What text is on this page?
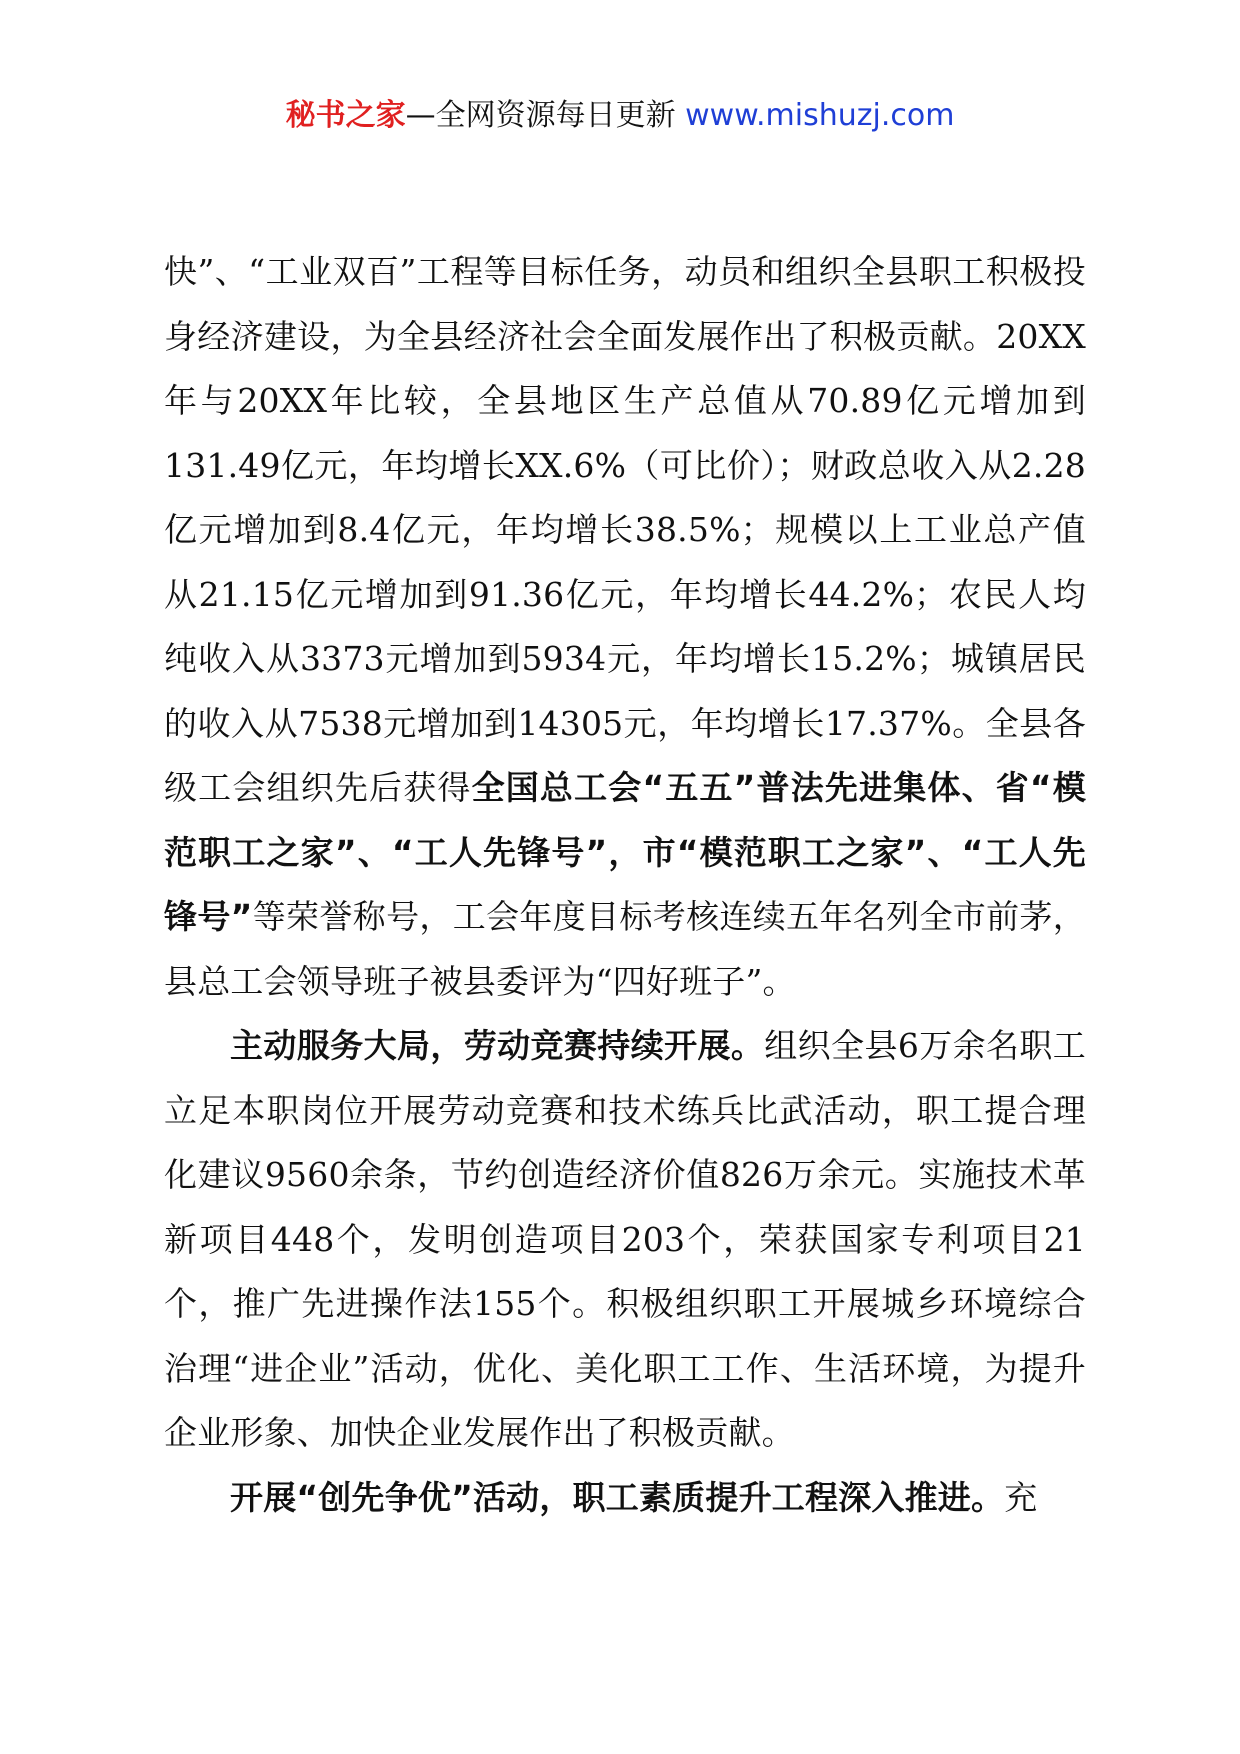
秘书之家—全网资源每日更新 www.mishuzj.com

快”、“工业双百”工程等目标任务，动员和组织全县职工积极投身经济建设，为全县经济社会全面发展作出了积极贡献。20XX年与20XX年比较，全县地区生产总值从70.89亿元增加到131.49亿元，年均增长XX.6%（可比价）；财政总收入从2.28亿元增加到8.4亿元，年均增长38.5%；规模以上工业总产值从21.15亿元增加到91.36亿元，年均增长44.2%；农民人均纯收入从3373元增加到5934元，年均增长15.2%；城镇居民的收入从7538元增加到14305元，年均增长17.37%。全县各级工会组织先后获得全国总工会“五五”普法先进集体、省“模范职工之家”、“工人先锋号”，市“模范职工之家”、“工人先锋号”等荣誉称号，工会年度目标考核连续五年名列全市前茅，县总工会领导班子被县委评为“四好班子”。

主动服务大局，劳动竞赛持续开展。组织全县6万余名职工立足本职岗位开展劳动竞赛和技术练兵比武活动，职工提合理化建议9560余条，节约创造经济价值826万余元。实施技术革新项目448个，发明创造项目203个，荣获国家专利项目21个，推广先进操作法155个。积极组织职工开展城乡环境综合治理“进企业”活动，优化、美化职工工作、生活环境，为提升企业形象、加快企业发展作出了积极贡献。

开展“创先争优”活动，职工素质提升工程深入推进。充
